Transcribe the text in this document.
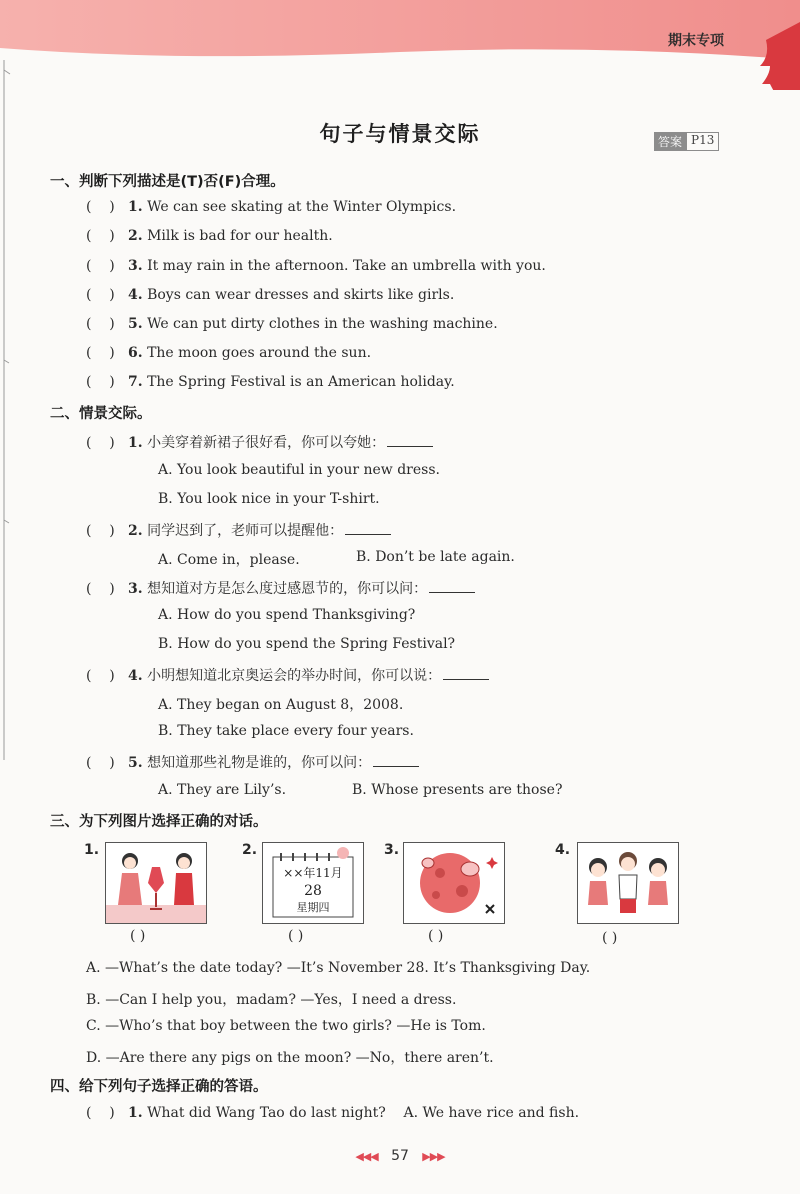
期末专项
句子与情景交际	答案 P13
一、判断下列描述是(T)否(F)合理。
(    ) 1. We can see skating at the Winter Olympics.
(    ) 2. Milk is bad for our health.
(    ) 3. It may rain in the afternoon. Take an umbrella with you.
(    ) 4. Boys can wear dresses and skirts like girls.
(    ) 5. We can put dirty clothes in the washing machine.
(    ) 6. The moon goes around the sun.
(    ) 7. The Spring Festival is an American holiday.
二、情景交际。
(    ) 1. 小美穿着新裙子很好看，你可以夸她：
A. You look beautiful in your new dress.
B. You look nice in your T-shirt.
(    ) 2. 同学迟到了，老师可以提醒他：
A. Come in，please.	B. Don’t be late again.
(    ) 3. 想知道对方是怎么度过感恩节的，你可以问：
A. How do you spend Thanksgiving?
B. How do you spend the Spring Festival?
(    ) 4. 小明想知道北京奥运会的举办时间，你可以说：
A. They began on August 8，2008.
B. They take place every four years.
(    ) 5. 想知道那些礼物是谁的，你可以问：
A. They are Lily’s.	B. Whose presents are those?
三、为下列图片选择正确的对话。
1.
( )
2.
××年11月
28
星期四
( )
3.
( )
4.
( )
A. —What’s the date today? —It’s November 28. It’s Thanksgiving Day.
B. —Can I help you，madam? —Yes，I need a dress.
C. —Who’s that boy between the two girls? —He is Tom.
D. —Are there any pigs on the moon? —No，there aren’t.
四、给下列句子选择正确的答语。
(    ) 1. What did Wang Tao do last night? A. We have rice and fish.
◀◀◀ 57 ▶▶▶
